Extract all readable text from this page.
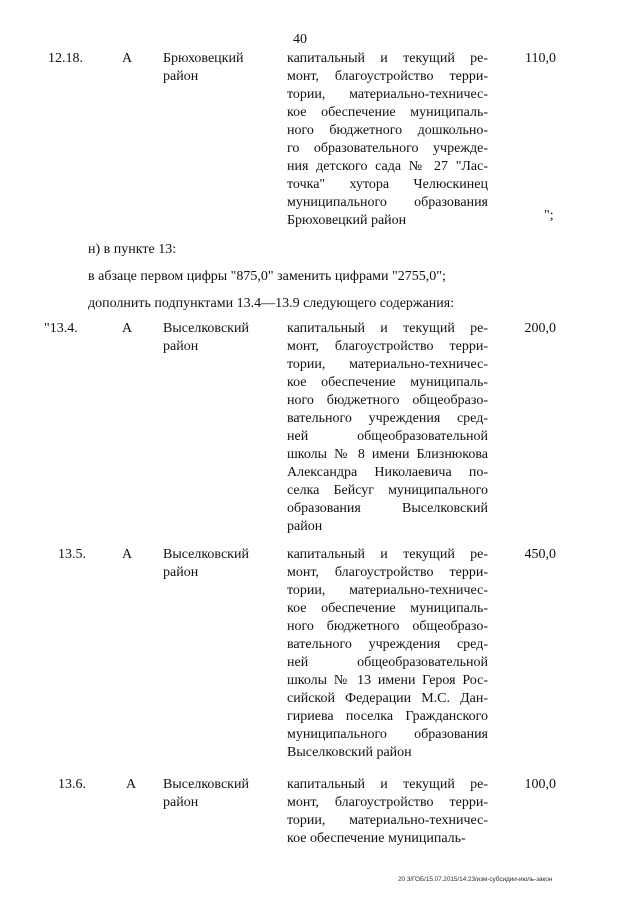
40
12.18.	А Брюховецкий район
капитальный и текущий ре-
монт, благоустройство терри-
тории, материально-техничес-
кое обеспечение муниципаль-
ного бюджетного дошкольно-
го образовательного учрежде-
ния детского сада № 27 "Лас-
точка" хутора Челюскинец
муниципального образования
Брюховецкий район
110,0
";
н) в пункте 13:
в абзаце первом цифры "875,0" заменить цифрами "2755,0";
дополнить подпунктами 13.4—13.9 следующего содержания:
"13.4.	А Выселковский район
капитальный и текущий ре-
монт, благоустройство терри-
тории, материально-техничес-
кое обеспечение муниципаль-
ного бюджетного общеобразо-
вательного учреждения сред-
ней общеобразовательной
школы № 8 имени Близнюкова
Александра Николаевича по-
селка Бейсуг муниципального
образования Выселковский
район
200,0
13.5.	А Выселковский район
капитальный и текущий ре-
монт, благоустройство терри-
тории, материально-техничес-
кое обеспечение муниципаль-
ного бюджетного общеобразо-
вательного учреждения сред-
ней общеобразовательной
школы № 13 имени Героя Рос-
сийской Федерации М.С. Дан-
гириева поселка Гражданского
муниципального образования
Выселковский район
450,0
13.6.	А Выселковский район
капитальный и текущий ре-
монт, благоустройство терри-
тории, материально-техничес-
кое обеспечение муниципаль-
100,0
20 3/ГОБ/15.07.2015/14:23/изм-субсидии-июль-закон
